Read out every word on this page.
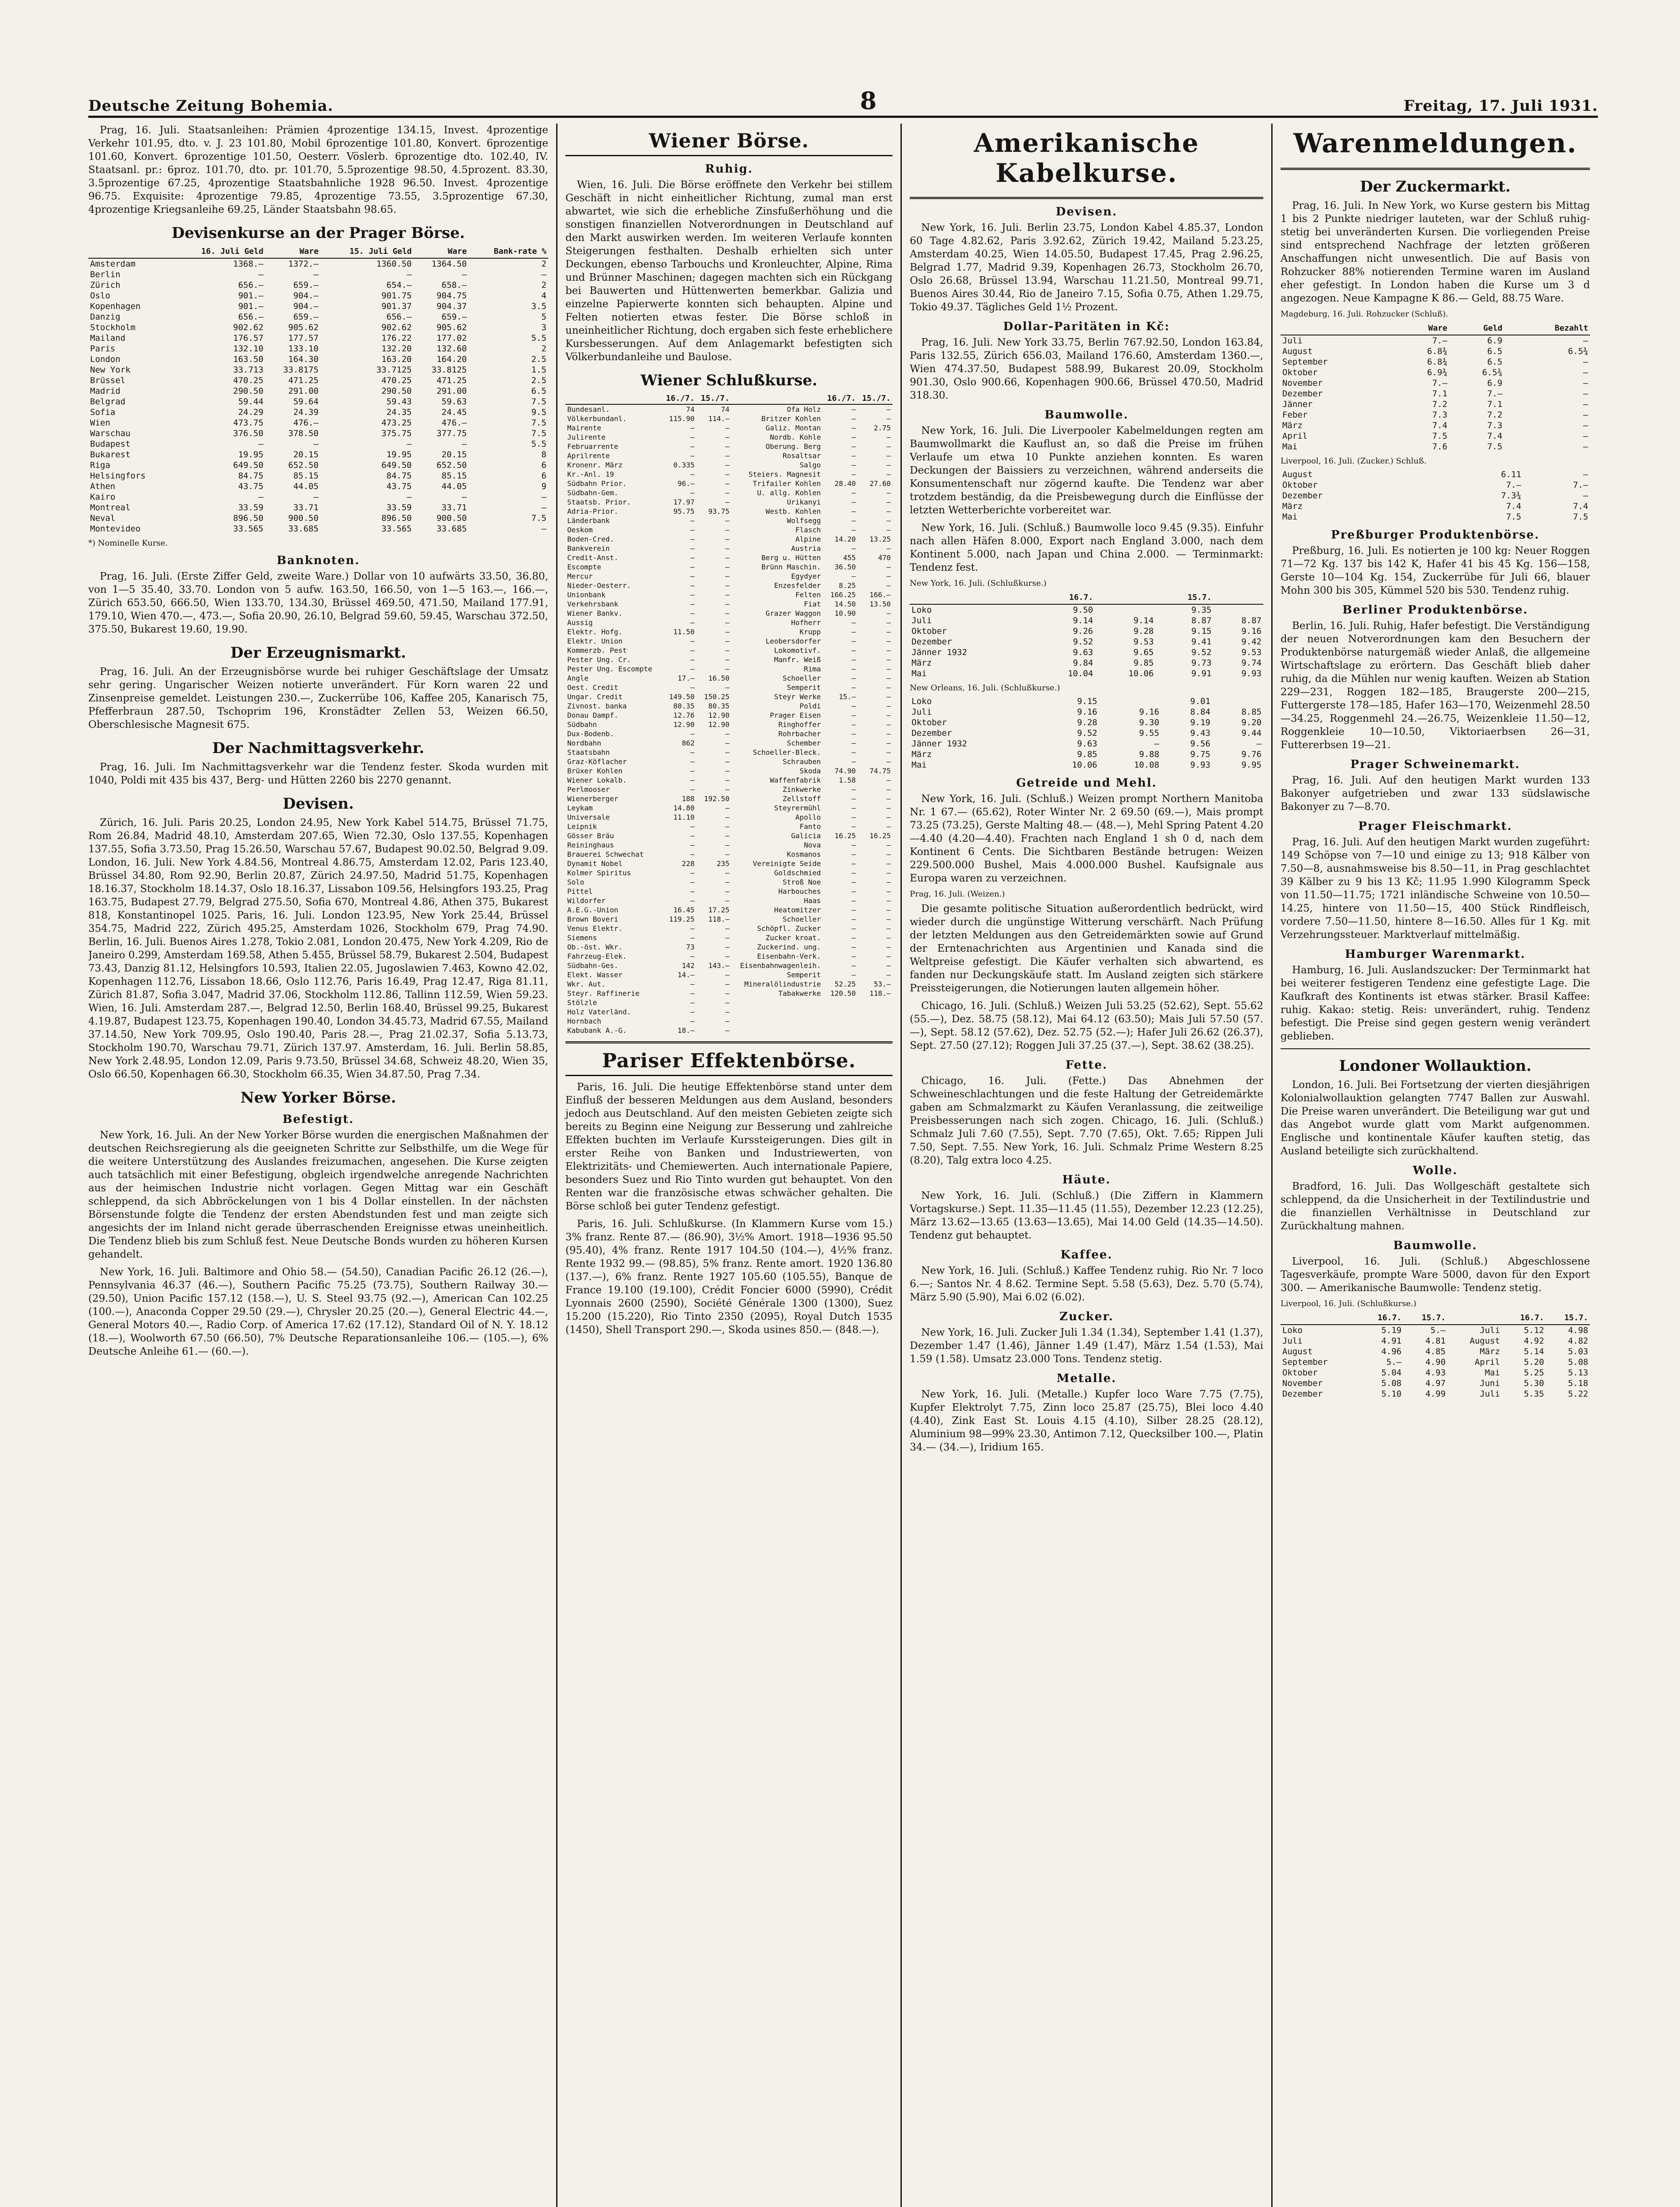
Deutsche Zeitung Bohemia.	8	Freitag, 17. Juli 1931.

Prag, 16. Juli. Staatsanleihen: Prämien 4prozentige 134.15, Invest. 4prozentige Verkehr 101.95, dto. v. J. 23 101.80, Mobil 6prozentige 101.80, Konvert. 6prozentige 101.60, Konvert. 6prozentige 101.50, Oesterr. Vöslerb. 6prozentige dto. 102.40, IV. Staatsanl. pr.: 6proz. 101.70, dto. pr. 101.70, 5.5prozentige 98.50, 4.5prozent. 83.30, 3.5prozentige 67.25, 4prozentige Staatsbahnliche 1928 96.50. Invest. 4prozentige 96.75. Exquisite: 4prozentige 79.85, 4prozentige 73.55, 3.5prozentige 67.30, 4prozentige Kriegsanleihe 69.25, Länder Staatsbahn 98.65.

Devisenkurse an der Prager Börse.
	16. Juli Geld	Ware	15. Juli Geld	Ware	Bank-rate %
Amsterdam	1368.—	1372.—	1360.50	1364.50	2
Berlin	—	—	—	—	—
Zürich	656.—	659.—	654.—	658.—	2
Oslo	901.—	904.—	901.75	904.75	4
Kopenhagen	901.—	904.—	901.37	904.37	3.5
Danzig	656.—	659.—	656.—	659.—	5
Stockholm	902.62	905.62	902.62	905.62	3
Mailand	176.57	177.57	176.22	177.02	5.5
Paris	132.10	133.10	132.20	132.60	2
London	163.50	164.30	163.20	164.20	2.5
New York	33.713	33.8175	33.7125	33.8125	1.5
Brüssel	470.25	471.25	470.25	471.25	2.5
Madrid	290.50	291.00	290.50	291.00	6.5
Belgrad	59.44	59.64	59.43	59.63	7.5
Sofia	24.29	24.39	24.35	24.45	9.5
Wien	473.75	476.—	473.25	476.—	7.5
Warschau	376.50	378.50	375.75	377.75	7.5
Budapest	—	—	—	—	5.5
Bukarest	19.95	20.15	19.95	20.15	8
Riga	649.50	652.50	649.50	652.50	6
Helsingfors	84.75	85.15	84.75	85.15	6
Athen	43.75	44.05	43.75	44.05	9
Kairo	—	—	—	—	—
Montreal	33.59	33.71	33.59	33.71	—
Neval	896.50	900.50	896.50	900.50	7.5
Montevideo	33.565	33.685	33.565	33.685	—
*) Nominelle Kurse.
Banknoten.

Prag, 16. Juli. (Erste Ziffer Geld, zweite Ware.) Dollar von 10 aufwärts 33.50, 36.80, von 1—5 35.40, 33.70. London von 5 aufw. 163.50, 166.50, von 1—5 163.—, 166.—, Zürich 653.50, 666.50, Wien 133.70, 134.30, Brüssel 469.50, 471.50, Mailand 177.91, 179.10, Wien 470.—, 473.—, Sofia 20.90, 26.10, Belgrad 59.60, 59.45, Warschau 372.50, 375.50, Bukarest 19.60, 19.90.

Der Erzeugnismarkt.

Prag, 16. Juli. An der Erzeugnisbörse wurde bei ruhiger Geschäftslage der Umsatz sehr gering. Ungarischer Weizen notierte unverändert. Für Korn waren 22 und Zinsenpreise gemeldet. Leistungen 230.—, Zuckerrübe 106, Kaffee 205, Kanarisch 75, Pfefferbraun 287.50, Tschoprim 196, Kronstädter Zellen 53, Weizen 66.50, Oberschlesische Magnesit 675.

Der Nachmittagsverkehr.

Prag, 16. Juli. Im Nachmittagsverkehr war die Tendenz fester. Skoda wurden mit 1040, Poldi mit 435 bis 437, Berg- und Hütten 2260 bis 2270 genannt.

Devisen.

Zürich, 16. Juli. Paris 20.25, London 24.95, New York Kabel 514.75, Brüssel 71.75, Rom 26.84, Madrid 48.10, Amsterdam 207.65, Wien 72.30, Oslo 137.55, Kopenhagen 137.55, Sofia 3.73.50, Prag 15.26.50, Warschau 57.67, Budapest 90.02.50, Belgrad 9.09. London, 16. Juli. New York 4.84.56, Montreal 4.86.75, Amsterdam 12.02, Paris 123.40, Brüssel 34.80, Rom 92.90, Berlin 20.87, Zürich 24.97.50, Madrid 51.75, Kopenhagen 18.16.37, Stockholm 18.14.37, Oslo 18.16.37, Lissabon 109.56, Helsingfors 193.25, Prag 163.75, Budapest 27.79, Belgrad 275.50, Sofia 670, Montreal 4.86, Athen 375, Bukarest 818, Konstantinopel 1025. Paris, 16. Juli. London 123.95, New York 25.44, Brüssel 354.75, Madrid 222, Zürich 495.25, Amsterdam 1026, Stockholm 679, Prag 74.90. Berlin, 16. Juli. Buenos Aires 1.278, Tokio 2.081, London 20.475, New York 4.209, Rio de Janeiro 0.299, Amsterdam 169.58, Athen 5.455, Brüssel 58.79, Bukarest 2.504, Budapest 73.43, Danzig 81.12, Helsingfors 10.593, Italien 22.05, Jugoslawien 7.463, Kowno 42.02, Kopenhagen 112.76, Lissabon 18.66, Oslo 112.76, Paris 16.49, Prag 12.47, Riga 81.11, Zürich 81.87, Sofia 3.047, Madrid 37.06, Stockholm 112.86, Tallinn 112.59, Wien 59.23. Wien, 16. Juli. Amsterdam 287.—, Belgrad 12.50, Berlin 168.40, Brüssel 99.25, Bukarest 4.19.87, Budapest 123.75, Kopenhagen 190.40, London 34.45.73, Madrid 67.55, Mailand 37.14.50, New York 709.95, Oslo 190.40, Paris 28.—, Prag 21.02.37, Sofia 5.13.73, Stockholm 190.70, Warschau 79.71, Zürich 137.97. Amsterdam, 16. Juli. Berlin 58.85, New York 2.48.95, London 12.09, Paris 9.73.50, Brüssel 34.68, Schweiz 48.20, Wien 35, Oslo 66.50, Kopenhagen 66.30, Stockholm 66.35, Wien 34.87.50, Prag 7.34.

New Yorker Börse.
Befestigt.

New York, 16. Juli. An der New Yorker Börse wurden die energischen Maßnahmen der deutschen Reichsregierung als die geeigneten Schritte zur Selbsthilfe, um die Wege für die weitere Unterstützung des Auslandes freizumachen, angesehen. Die Kurse zeigten auch tatsächlich mit einer Befestigung, obgleich irgendwelche anregende Nachrichten aus der heimischen Industrie nicht vorlagen. Gegen Mittag war ein Geschäft schleppend, da sich Abbröckelungen von 1 bis 4 Dollar einstellen. In der nächsten Börsenstunde folgte die Tendenz der ersten Abendstunden fest und man zeigte sich angesichts der im Inland nicht gerade überraschenden Ereignisse etwas uneinheitlich. Die Tendenz blieb bis zum Schluß fest. Neue Deutsche Bonds wurden zu höheren Kursen gehandelt.

New York, 16. Juli. Baltimore and Ohio 58.— (54.50), Canadian Pacific 26.12 (26.—), Pennsylvania 46.37 (46.—), Southern Pacific 75.25 (73.75), Southern Railway 30.— (29.50), Union Pacific 157.12 (158.—), U. S. Steel 93.75 (92.—), American Can 102.25 (100.—), Anaconda Copper 29.50 (29.—), Chrysler 20.25 (20.—), General Electric 44.—, General Motors 40.—, Radio Corp. of America 17.62 (17.12), Standard Oil of N. Y. 18.12 (18.—), Woolworth 67.50 (66.50), 7% Deutsche Reparationsanleihe 106.— (105.—), 6% Deutsche Anleihe 61.— (60.—).

Wiener Börse.
Ruhig.

Wien, 16. Juli. Die Börse eröffnete den Verkehr bei stillem Geschäft in nicht einheitlicher Richtung, zumal man erst abwartet, wie sich die erhebliche Zinsfußerhöhung und die sonstigen finanziellen Notverordnungen in Deutschland auf den Markt auswirken werden. Im weiteren Verlaufe konnten Steigerungen festhalten. Deshalb erhielten sich unter Deckungen, ebenso Tarbouchs und Kronleuchter, Alpine, Rima und Brünner Maschinen; dagegen machten sich ein Rückgang bei Bauwerten und Hüttenwerten bemerkbar. Galizia und einzelne Papierwerte konnten sich behaupten. Alpine und Felten notierten etwas fester. Die Börse schloß in uneinheitlicher Richtung, doch ergaben sich feste erheblichere Kursbesserungen. Auf dem Anlagemarkt befestigten sich Völkerbundanleihe und Baulose.

Wiener Schlußkurse.
	16./7.	15./7.		16./7.	15./7.
Bundesanl.	74	74	Ofa Holz	—	—
Völkerbundanl.	115.90	114.—	Britzer Kohlen	—	—
Mairente	—	—	Galiz. Montan	—	2.75
Julirente	—	—	Nordb. Kohle	—	—
Februarrente	—	—	Oberung. Berg	—	—
Aprilrente	—	—	Rosaltsar	—	—
Kronenr. März	0.335	—	Salgo	—	—
Kr.-Anl. 19	—	—	Steiers. Magnesit	—	—
Südbahn Prior.	96.—	—	Trifailer Kohlen	28.40	27.60
Südbahn-Gem.	—	—	U. allg. Kohlen	—	—
Staatsb. Prior.	17.97	—	Urikanyi	—	—
Adria-Prior.	95.75	93.75	Westb. Kohlen	—	—
Länderbank	—	—	Wolfsegg	—	—
Oeskom	—	—	Flasch	—	—
Boden-Cred.	—	—	Alpine	14.20	13.25
Bankverein	—	—	Austria	—	—
Credit-Anst.	—	—	Berg u. Hütten	455	470
Escompte	—	—	Brünn Maschin.	36.50	—
Mercur	—	—	Egydyer	—	—
Nieder-Oesterr.	—	—	Enzesfelder	8.25	—
Unionbank	—	—	Felten	166.25	166.—
Verkehrsbank	—	—	Fiat	14.50	13.50
Wiener Bankv.	—	—	Grazer Waggon	10.90	—
Aussig	—	—	Hofherr	—	—
Elektr. Hofg.	11.50	—	Krupp	—	—
Elektr. Union	—	—	Leobersdorfer	—	—
Kommerzb. Pest	—	—	Lokomotivf.	—	—
Pester Ung. Cr.	—	—	Manfr. Weiß	—	—
Pester Ung. Escompte	—	—	Rima	—	—
Angle	17.—	16.50	Schoeller	—	—
Oest. Credit	—	—	Semperit	—	—
Ungar. Credit	149.50	150.25	Steyr Werke	15.—	—
Zivnost. banka	80.35	80.35	Poldi	—	—
Donau Dampf.	12.76	12.90	Prager Eisen	—	—
Südbahn	12.90	12.90	Ringhoffer	—	—
Dux-Bodenb.	—	—	Rohrbacher	—	—
Nordbahn	862	—	Schember	—	—
Staatsbahn	—	—	Schoeller-Bleck.	—	—
Graz-Köflacher	—	—	Schrauben	—	—
Brüxer Kohlen	—	—	Skoda	74.90	74.75
Wiener Lokalb.	—	—	Waffenfabrik	1.58	—
Perlmooser	—	—	Zinkwerke	—	—
Wienerberger	188	192.50	Zellstoff	—	—
Leykam	14.80	—	Steyrermühl	—	—
Universale	11.10	—	Apollo	—	—
Leipnik	—	—	Fanto	—	—
Gösser Bräu	—	—	Galicia	16.25	16.25
Reininghaus	—	—	Nova	—	—
Brauerei Schwechat	—	—	Kosmanos	—	—
Dynamit Nobel	228	235	Vereinigte Seide	—	—
Kolmer Spiritus	—	—	Goldschmied	—	—
Solo	—	—	Stroß Noe	—	—
Pittel	—	—	Harbouches	—	—
Wildorfer	—	—	Haas	—	—
A.E.G.-Union	16.45	17.25	Heatomitzer	—	—
Brown Boveri	119.25	118.—	Schoeller	—	—
Venus Elektr.	—	—	Schöpfl. Zucker	—	—
Siemens	—	—	Zucker kroat.	—	—
Ob.-öst. Wkr.	73	—	Zuckerind. ung.	—	—
Fahrzeug-Elek.	—	—	Eisenbahn-Verk.	—	—
Südbahn-Ges.	142	143.—	Eisenbahnwagenleih.	—	—
Elekt. Wasser	14.—	—	Semperit	—	—
Wkr. Aut.	—	—	Mineralölindustrie	52.25	53.—
Steyr. Raffinerie	—	—	Tabakwerke	120.50	118.—
Stölzle	—	—			
Holz Vaterländ.	—	—			
Hornbach	—	—			
Kabubank A.-G.	18.—	—			
Pariser Effektenbörse.

Paris, 16. Juli. Die heutige Effektenbörse stand unter dem Einfluß der besseren Meldungen aus dem Ausland, besonders jedoch aus Deutschland. Auf den meisten Gebieten zeigte sich bereits zu Beginn eine Neigung zur Besserung und zahlreiche Effekten buchten im Verlaufe Kurssteigerungen. Dies gilt in erster Reihe von Banken und Industriewerten, von Elektrizitäts- und Chemiewerten. Auch internationale Papiere, besonders Suez und Rio Tinto wurden gut behauptet. Von den Renten war die französische etwas schwächer gehalten. Die Börse schloß bei guter Tendenz gefestigt.

Paris, 16. Juli. Schlußkurse. (In Klammern Kurse vom 15.) 3% franz. Rente 87.— (86.90), 3½% Amort. 1918—1936 95.50 (95.40), 4% franz. Rente 1917 104.50 (104.—), 4½% franz. Rente 1932 99.— (98.85), 5% franz. Rente amort. 1920 136.80 (137.—), 6% franz. Rente 1927 105.60 (105.55), Banque de France 19.100 (19.100), Crédit Foncier 6000 (5990), Crédit Lyonnais 2600 (2590), Société Générale 1300 (1300), Suez 15.200 (15.220), Rio Tinto 2350 (2095), Royal Dutch 1535 (1450), Shell Transport 290.—, Skoda usines 850.— (848.—).

Amerikanische Kabelkurse.
Devisen.

New York, 16. Juli. Berlin 23.75, London Kabel 4.85.37, London 60 Tage 4.82.62, Paris 3.92.62, Zürich 19.42, Mailand 5.23.25, Amsterdam 40.25, Wien 14.05.50, Budapest 17.45, Prag 2.96.25, Belgrad 1.77, Madrid 9.39, Kopenhagen 26.73, Stockholm 26.70, Oslo 26.68, Brüssel 13.94, Warschau 11.21.50, Montreal 99.71, Buenos Aires 30.44, Rio de Janeiro 7.15, Sofia 0.75, Athen 1.29.75, Tokio 49.37. Tägliches Geld 1½ Prozent.

Dollar-Paritäten in Kč:

Prag, 16. Juli. New York 33.75, Berlin 767.92.50, London 163.84, Paris 132.55, Zürich 656.03, Mailand 176.60, Amsterdam 1360.—, Wien 474.37.50, Budapest 588.99, Bukarest 20.09, Stockholm 901.30, Oslo 900.66, Kopenhagen 900.66, Brüssel 470.50, Madrid 318.30.

Baumwolle.

New York, 16. Juli. Die Liverpooler Kabelmeldungen regten am Baumwollmarkt die Kauflust an, so daß die Preise im frühen Verlaufe um etwa 10 Punkte anziehen konnten. Es waren Deckungen der Baissiers zu verzeichnen, während anderseits die Konsumentenschaft nur zögernd kaufte. Die Tendenz war aber trotzdem beständig, da die Preisbewegung durch die Einflüsse der letzten Wetterberichte vorbereitet war.

New York, 16. Juli. (Schluß.) Baumwolle loco 9.45 (9.35). Einfuhr nach allen Häfen 8.000, Export nach England 3.000, nach dem Kontinent 5.000, nach Japan und China 2.000. — Terminmarkt: Tendenz fest.

New York, 16. Juli. (Schlußkurse.)
	16.7.		15.7.	
Loko	9.50		9.35	
Juli	9.14	9.14	8.87	8.87
Oktober	9.26	9.28	9.15	9.16
Dezember	9.52	9.53	9.41	9.42
Jänner 1932	9.63	9.65	9.52	9.53
März	9.84	9.85	9.73	9.74
Mai	10.04	10.06	9.91	9.93
New Orleans, 16. Juli. (Schlußkurse.)
Loko	9.15		9.01	
Juli	9.16	9.16	8.84	8.85
Oktober	9.28	9.30	9.19	9.20
Dezember	9.52	9.55	9.43	9.44
Jänner 1932	9.63	—	9.56	—
März	9.85	9.88	9.75	9.76
Mai	10.06	10.08	9.93	9.95
Getreide und Mehl.

New York, 16. Juli. (Schluß.) Weizen prompt Northern Manitoba Nr. 1 67.— (65.62), Roter Winter Nr. 2 69.50 (69.—), Mais prompt 73.25 (73.25), Gerste Malting 48.— (48.—), Mehl Spring Patent 4.20—4.40 (4.20—4.40). Frachten nach England 1 sh 0 d, nach dem Kontinent 6 Cents. Die Sichtbaren Bestände betrugen: Weizen 229.500.000 Bushel, Mais 4.000.000 Bushel. Kaufsignale aus Europa waren zu verzeichnen.

Prag, 16. Juli. (Weizen.)

Die gesamte politische Situation außerordentlich bedrückt, wird wieder durch die ungünstige Witterung verschärft. Nach Prüfung der letzten Meldungen aus den Getreidemärkten sowie auf Grund der Erntenachrichten aus Argentinien und Kanada sind die Weltpreise gefestigt. Die Käufer verhalten sich abwartend, es fanden nur Deckungskäufe statt. Im Ausland zeigten sich stärkere Preissteigerungen, die Notierungen lauten allgemein höher.

Chicago, 16. Juli. (Schluß.) Weizen Juli 53.25 (52.62), Sept. 55.62 (55.—), Dez. 58.75 (58.12), Mai 64.12 (63.50); Mais Juli 57.50 (57.—), Sept. 58.12 (57.62), Dez. 52.75 (52.—); Hafer Juli 26.62 (26.37), Sept. 27.50 (27.12); Roggen Juli 37.25 (37.—), Sept. 38.62 (38.25).

Fette.

Chicago, 16. Juli. (Fette.) Das Abnehmen der Schweineschlachtungen und die feste Haltung der Getreidemärkte gaben am Schmalzmarkt zu Käufen Veranlassung, die zeitweilige Preisbesserungen nach sich zogen. Chicago, 16. Juli. (Schluß.) Schmalz Juli 7.60 (7.55), Sept. 7.70 (7.65), Okt. 7.65; Rippen Juli 7.50, Sept. 7.55. New York, 16. Juli. Schmalz Prime Western 8.25 (8.20), Talg extra loco 4.25.

Häute.

New York, 16. Juli. (Schluß.) (Die Ziffern in Klammern Vortagskurse.) Sept. 11.35—11.45 (11.55), Dezember 12.23 (12.25), März 13.62—13.65 (13.63—13.65), Mai 14.00 Geld (14.35—14.50). Tendenz gut behauptet.

Kaffee.

New York, 16. Juli. (Schluß.) Kaffee Tendenz ruhig. Rio Nr. 7 loco 6.—; Santos Nr. 4 8.62. Termine Sept. 5.58 (5.63), Dez. 5.70 (5.74), März 5.90 (5.90), Mai 6.02 (6.02).

Zucker.

New York, 16. Juli. Zucker Juli 1.34 (1.34), September 1.41 (1.37), Dezember 1.47 (1.46), Jänner 1.49 (1.47), März 1.54 (1.53), Mai 1.59 (1.58). Umsatz 23.000 Tons. Tendenz stetig.

Metalle.

New York, 16. Juli. (Metalle.) Kupfer loco Ware 7.75 (7.75), Kupfer Elektrolyt 7.75, Zinn loco 25.87 (25.75), Blei loco 4.40 (4.40), Zink East St. Louis 4.15 (4.10), Silber 28.25 (28.12), Aluminium 98—99% 23.30, Antimon 7.12, Quecksilber 100.—, Platin 34.— (34.—), Iridium 165.

Warenmeldungen.
Der Zuckermarkt.

Prag, 16. Juli. In New York, wo Kurse gestern bis Mittag 1 bis 2 Punkte niedriger lauteten, war der Schluß ruhig-stetig bei unveränderten Kursen. Die vorliegenden Preise sind entsprechend Nachfrage der letzten größeren Anschaffungen nicht unwesentlich. Die auf Basis von Rohzucker 88% notierenden Termine waren im Ausland eher gefestigt. In London haben die Kurse um 3 d angezogen. Neue Kampagne K 86.— Geld, 88.75 Ware.

Magdeburg, 16. Juli. Rohzucker (Schluß).
	Ware	Geld	Bezahlt
Juli	7.—	6.9	—
August	6.8¾	6.5	6.5¾
September	6.8¾	6.5	—
Oktober	6.9¾	6.5¾	—
November	7.—	6.9	—
Dezember	7.1	7.—	—
Jänner	7.2	7.1	—
Feber	7.3	7.2	—
März	7.4	7.3	—
April	7.5	7.4	—
Mai	7.6	7.5	—
Liverpool, 16. Juli. (Zucker.) Schluß.
August	6.11	—
Oktober	7.—	7.—
Dezember	7.3¾	—
März	7.4	7.4
Mai	7.5	7.5
Preßburger Produktenbörse.

Preßburg, 16. Juli. Es notierten je 100 kg: Neuer Roggen 71—72 Kg. 137 bis 142 K, Hafer 41 bis 45 Kg. 156—158, Gerste 10—104 Kg. 154, Zuckerrübe für Juli 66, blauer Mohn 300 bis 305, Kümmel 520 bis 530. Tendenz ruhig.

Berliner Produktenbörse.

Berlin, 16. Juli. Ruhig, Hafer befestigt. Die Verständigung der neuen Notverordnungen kam den Besuchern der Produktenbörse naturgemäß wieder Anlaß, die allgemeine Wirtschaftslage zu erörtern. Das Geschäft blieb daher ruhig, da die Mühlen nur wenig kauften. Weizen ab Station 229—231, Roggen 182—185, Braugerste 200—215, Futtergerste 178—185, Hafer 163—170, Weizenmehl 28.50—34.25, Roggenmehl 24.—26.75, Weizenkleie 11.50—12, Roggenkleie 10—10.50, Viktoriaerbsen 26—31, Futtererbsen 19—21.

Prager Schweinemarkt.

Prag, 16. Juli. Auf den heutigen Markt wurden 133 Bakonyer aufgetrieben und zwar 133 südslawische Bakonyer zu 7—8.70.

Prager Fleischmarkt.

Prag, 16. Juli. Auf den heutigen Markt wurden zugeführt: 149 Schöpse von 7—10 und einige zu 13; 918 Kälber von 7.50—8, ausnahmsweise bis 8.50—11, in Prag geschlachtet 39 Kälber zu 9 bis 13 Kč; 11.95 1.990 Kilogramm Speck von 11.50—11.75; 1721 inländische Schweine von 10.50—14.25, hintere von 11.50—15, 400 Stück Rindfleisch, vordere 7.50—11.50, hintere 8—16.50. Alles für 1 Kg. mit Verzehrungssteuer. Marktverlauf mittelmäßig.

Hamburger Warenmarkt.

Hamburg, 16. Juli. Auslandszucker: Der Terminmarkt hat bei weiterer festigeren Tendenz eine gefestigte Lage. Die Kaufkraft des Kontinents ist etwas stärker. Brasil Kaffee: ruhig. Kakao: stetig. Reis: unverändert, ruhig. Tendenz befestigt. Die Preise sind gegen gestern wenig verändert geblieben.

Londoner Wollauktion.

London, 16. Juli. Bei Fortsetzung der vierten diesjährigen Kolonialwollauktion gelangten 7747 Ballen zur Auswahl. Die Preise waren unverändert. Die Beteiligung war gut und das Angebot wurde glatt vom Markt aufgenommen. Englische und kontinentale Käufer kauften stetig, das Ausland beteiligte sich zurückhaltend.

Wolle.

Bradford, 16. Juli. Das Wollgeschäft gestaltete sich schleppend, da die Unsicherheit in der Textilindustrie und die finanziellen Verhältnisse in Deutschland zur Zurückhaltung mahnen.

Baumwolle.

Liverpool, 16. Juli. (Schluß.) Abgeschlossene Tagesverkäufe, prompte Ware 5000, davon für den Export 300. — Amerikanische Baumwolle: Tendenz stetig.

Liverpool, 16. Juli. (Schlußkurse.)
	16.7.	15.7.		16.7.	15.7.
Loko	5.19	5.—	Juli	5.12	4.98
Juli	4.91	4.81	August	4.92	4.82
August	4.96	4.85	März	5.14	5.03
September	5.—	4.90	April	5.20	5.08
Oktober	5.04	4.93	Mai	5.25	5.13
November	5.08	4.97	Juni	5.30	5.18
Dezember	5.10	4.99	Juli	5.35	5.22
